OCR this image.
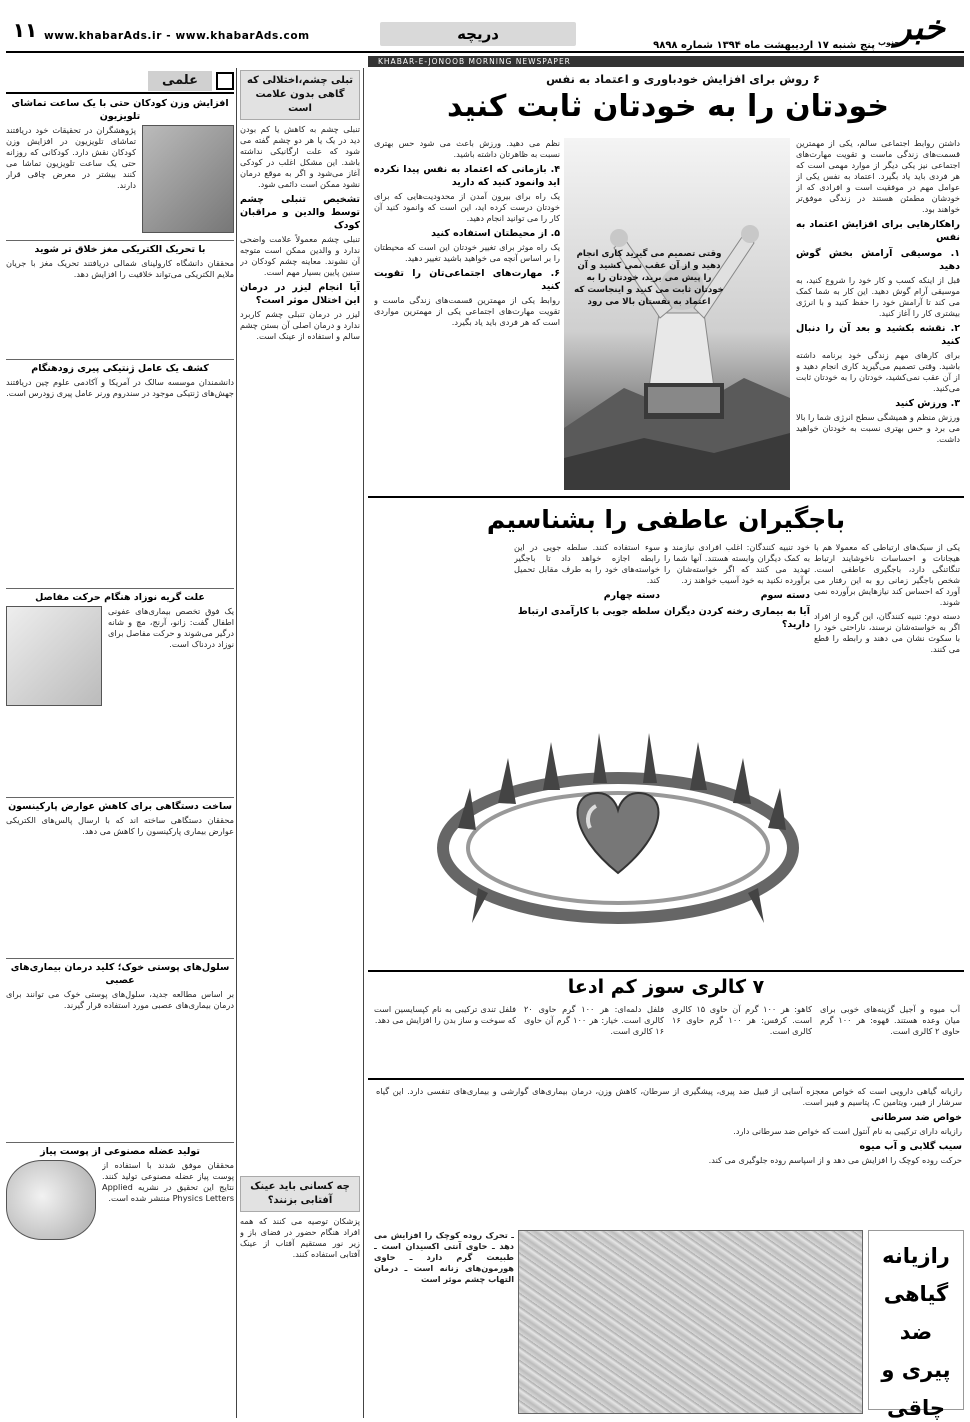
۱۱ www.khabarAds.ir - www.khabarAds.com	دریچه
پنج شنبه ۱۷ اردیبهشت ماه ۱۳۹۴ شماره ۹۸۹۸ خبر
جنوب
KHABAR-E-JONOOB MORNING NEWSPAPER
۶ روش برای افزایش خودباوری و اعتماد به نفس
خودتان را به خودتان ثابت کنید

نظم می دهید. ورزش باعث می شود حس بهتری نسبت به ظاهرتان داشته باشید.

۴. بازمانی که اعتماد به نفس پیدا نکرده اید وانمود کنید که دارید

یک راه برای بیرون آمدن از محدودیت‌هایی که برای خودتان درست کرده اید، این است که وانمود کنید آن کار را می توانید انجام دهید.

۵. از محیطتان استفاده کنید

یک راه موثر برای تغییر خودتان این است که محیطتان را بر اساس آنچه می خواهید باشید تغییر دهید.

۶. مهارت‌های اجتماعی‌تان را تقویت کنید

روابط یکی از مهمترین قسمت‌های زندگی ماست و تقویت مهارت‌های اجتماعی یکی از مهمترین مواردی است که هر فردی باید یاد بگیرد.

وقتی تصمیم می گیرید کاری انجام دهید و از آن عقب نمی کشید و آن را پیش می برید، خودتان را به خودتان ثابت می کنید و اینجاست که اعتماد به نفستان بالا می رود

داشتن روابط اجتماعی سالم، یکی از مهمترین قسمت‌های زندگی ماست و تقویت مهارت‌های اجتماعی نیز یکی دیگر از موارد مهمی است که هر فردی باید یاد بگیرد. اعتماد به نفس یکی از عوامل مهم در موفقیت است و افرادی که از خودشان مطمئن هستند در زندگی موفق‌تر خواهند بود.

راهکارهایی برای افزایش اعتماد به نفس
۱. موسیقی آرامش بخش گوش دهید

قبل از اینکه کسب و کار خود را شروع کنید، به موسیقی آرام گوش دهید. این کار به شما کمک می کند تا آرامش خود را حفظ کنید و با انرژی بیشتری کار را آغاز کنید.

۲. نقشه بکشید و بعد آن را دنبال کنید

برای کارهای مهم زندگی خود برنامه داشته باشید. وقتی تصمیم می‌گیرید کاری انجام دهید و از آن عقب نمی‌کشید، خودتان را به خودتان ثابت می‌کنید.

۳. ورزش کنید

ورزش منظم و همیشگی سطح انرژی شما را بالا می برد و حس بهتری نسبت به خودتان خواهید داشت.

باجگیران عاطفی را بشناسیم

یکی از سبک‌های ارتباطی که معمولا هم با هیجانات و احساسات ناخوشایند ارتباط تنگاتنگی دارد، باجگیری عاطفی است. شخص باجگیر زمانی رو به این رفتار می آورد که احساس کند نیازهایش برآورده نمی شوند.

دسته دوم: تنبیه کنندگان، این گروه از افراد اگر به خواسته‌شان نرسند، ناراحتی خود را با سکوت نشان می دهند و رابطه را قطع می کنند.

خود تنبیه کنندگان: اغلب افرادی نیازمند و به کمک دیگران وابسته هستند. آنها شما را تهدید می کنند که اگر خواسته‌شان را برآورده نکنید به خود آسیب خواهند زد.

دسته سوم
آیا به بیماری رخنه کردن دیگران دارید؟

سوء استفاده کنند. سلطه جویی در این رابطه اجازه خواهد داد تا باجگیر خواسته‌های خود را به طرف مقابل تحمیل کند.

دسته چهارم
سلطه جویی با کارآمدی ارتباط
۷ کالری سوز کم ادعا
آب میوه و آجیل گزینه‌های خوبی برای میان وعده هستند. قهوه: هر ۱۰۰ گرم حاوی ۲ کالری است.
کاهو: هر ۱۰۰ گرم آن حاوی ۱۵ کالری است. کرفس: هر ۱۰۰ گرم حاوی ۱۶ کالری است.
فلفل دلمه‌ای: هر ۱۰۰ گرم حاوی ۲۰ کالری است. خیار: هر ۱۰۰ گرم آن حاوی ۱۶ کالری است.
فلفل تندی ترکیبی به نام کپسایسین است که سوخت و ساز بدن را افزایش می دهد.
رازیانه گیاهی ضد پیری و چاقی

رازیانه گیاهی دارویی است که خواص معجزه آسایی از قبیل ضد پیری، پیشگیری از سرطان، کاهش وزن، درمان بیماری‌های گوارشی و بیماری‌های تنفسی دارد. این گیاه سرشار از فیبر، ویتامین C، پتاسیم و فیبر است.

خواص ضد سرطانی

رازیانه دارای ترکیبی به نام آنتول است که خواص ضد سرطانی دارد.

سیب گلابی و آب میوه

حرکت روده کوچک را افزایش می دهد و از اسپاسم روده جلوگیری می کند.

ـ تحرک روده کوچک را افزایش می دهد ـ حاوی آنتی اکسیدان است ـ طبیعت گرم دارد ـ حاوی هورمون‌های زنانه است ـ درمان التهاب چشم موثر است
تبلی چشم،اختلالی که گاهی بدون علامت است

تنبلی چشم به کاهش یا کم بودن دید در یک یا هر دو چشم گفته می شود که علت ارگانیکی نداشته باشد. این مشکل اغلب در کودکی آغاز می‌شود و اگر به موقع درمان نشود ممکن است دائمی شود.

تشخیص تنبلی چشم توسط والدین و مراقبان کودک

تنبلی چشم معمولاً علامت واضحی ندارد و والدین ممکن است متوجه آن نشوند. معاینه چشم کودکان در سنین پایین بسیار مهم است.

آیا انجام لیزر در درمان این اختلال موثر است؟

لیزر در درمان تنبلی چشم کاربرد ندارد و درمان اصلی آن بستن چشم سالم و استفاده از عینک است.

چه کسانی باید عینک آفتابی بزنند؟
پزشکان توصیه می کنند که همه افراد هنگام حضور در فضای باز و زیر نور مستقیم آفتاب از عینک آفتابی استفاده کنند.
علمی
افزایش وزن کودکان حتی با یک ساعت تماشای تلویزیون
پژوهشگران در تحقیقات خود دریافتند تماشای تلویزیون در افزایش وزن کودکان نقش دارد. کودکانی که روزانه حتی یک ساعت تلویزیون تماشا می کنند بیشتر در معرض چاقی قرار دارند.
با تحریک الکتریکی مغز خلاق تر شوید
محققان دانشگاه کارولینای شمالی دریافتند تحریک مغز با جریان ملایم الکتریکی می‌تواند خلاقیت را افزایش دهد.
کشف یک عامل ژنتیکی پیری زودهنگام
دانشمندان موسسه سالک در آمریکا و آکادمی علوم چین دریافتند جهش‌های ژنتیکی موجود در سندروم ورنر عامل پیری زودرس است.
علت گریه نوزاد هنگام حرکت مفاصل
یک فوق تخصص بیماری‌های عفونی اطفال گفت: زانو، آرنج، مچ و شانه درگیر می‌شوند و حرکت مفاصل برای نوزاد دردناک است.
ساخت دستگاهی برای کاهش عوارض پارکینسون
محققان دستگاهی ساخته اند که با ارسال پالس‌های الکتریکی عوارض بیماری پارکینسون را کاهش می دهد.
سلول‌های پوستی خوک؛ کلید درمان بیماری‌های عصبی
بر اساس مطالعه جدید، سلول‌های پوستی خوک می توانند برای درمان بیماری‌های عصبی مورد استفاده قرار گیرند.
تولید عضله مصنوعی از پوست پیاز
محققان موفق شدند با استفاده از پوست پیاز عضله مصنوعی تولید کنند. نتایج این تحقیق در نشریه Applied Physics Letters منتشر شده است.
